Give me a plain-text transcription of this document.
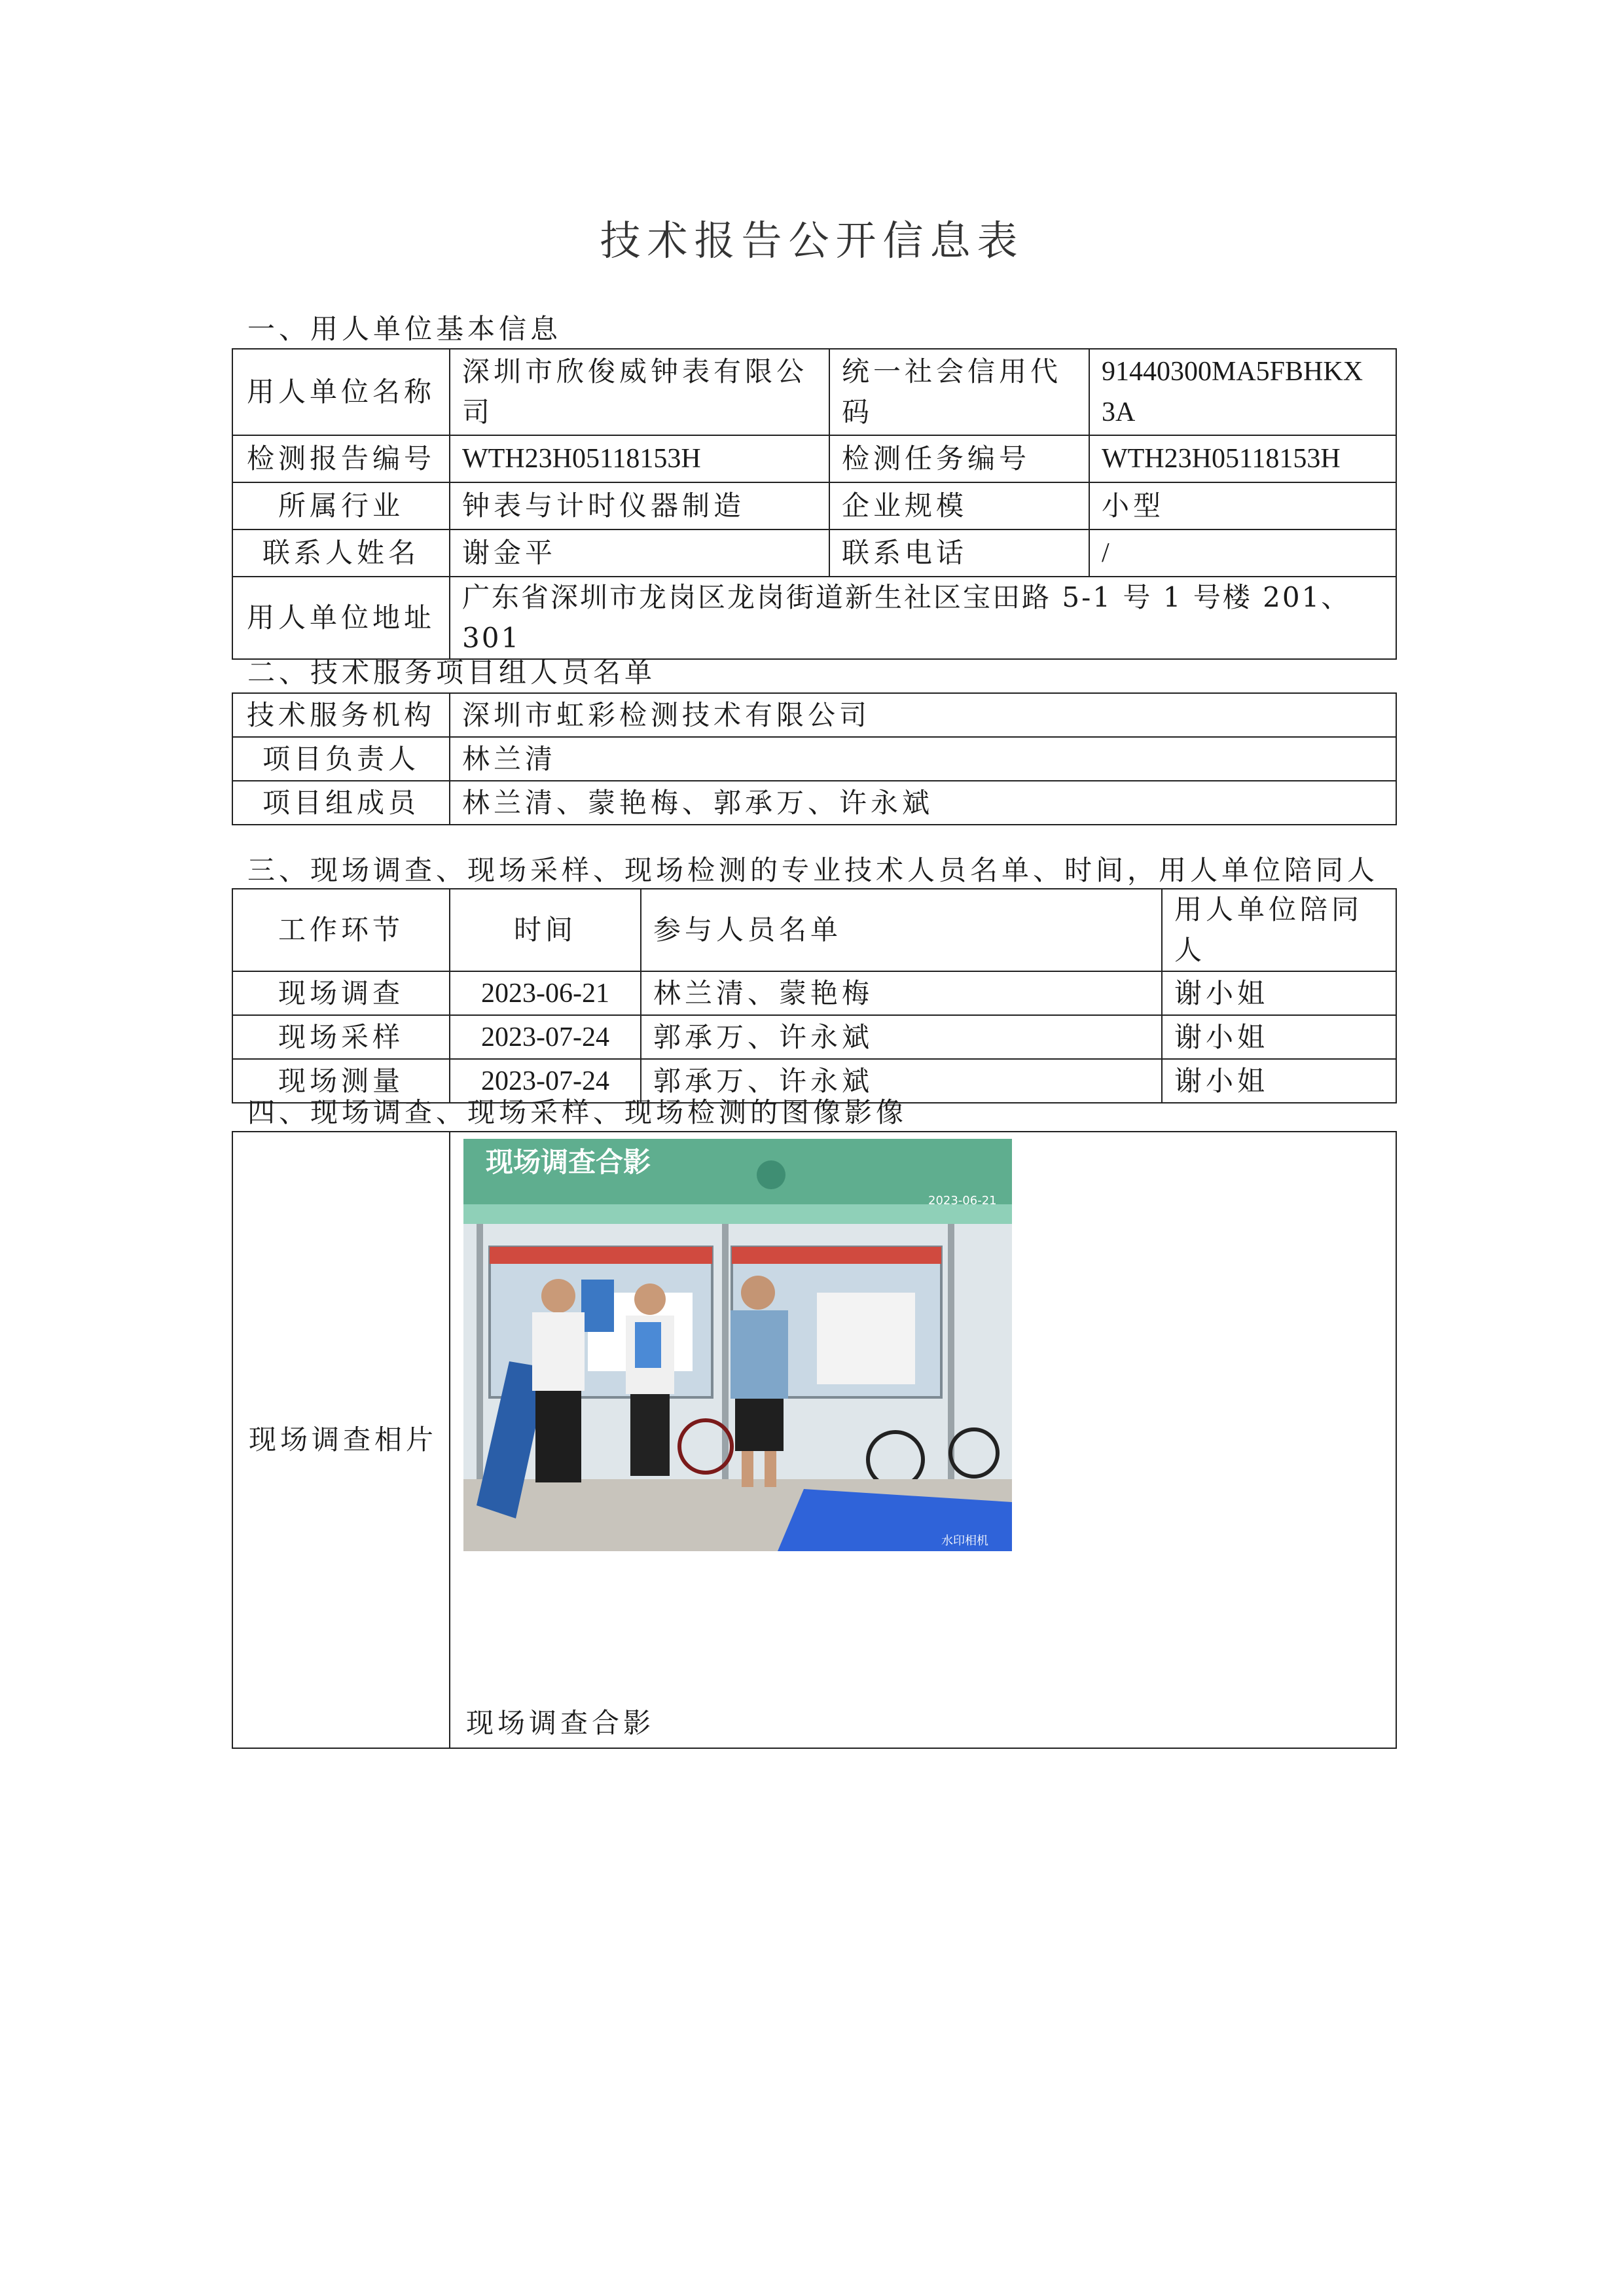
技术报告公开信息表
一、用人单位基本信息
用人单位名称	深圳市欣俊威钟表有限公司	统一社会信用代码	91440300MA5FBHKX
3A
检测报告编号	WTH23H05118153H	检测任务编号	WTH23H05118153H
所属行业	钟表与计时仪器制造	企业规模	小型
联系人姓名	谢金平	联系电话	/
用人单位地址	广东省深圳市龙岗区龙岗街道新生社区宝田路 5-1 号 1 号楼 201、301		
二、技术服务项目组人员名单
技术服务机构	深圳市虹彩检测技术有限公司
项目负责人	林兰清
项目组成员	林兰清、蒙艳梅、郭承万、许永斌
三、现场调查、现场采样、现场检测的专业技术人员名单、时间，用人单位陪同人
工作环节	时间	参与人员名单	用人单位陪同人
现场调查	2023-06-21	林兰清、蒙艳梅	谢小姐
现场采样	2023-07-24	郭承万、许永斌	谢小姐
现场测量	2023-07-24	郭承万、许永斌	谢小姐
四、现场调查、现场采样、现场检测的图像影像
现场调查相片	
现场调查合影
2023-06-21
水印相机
现场调查合影
